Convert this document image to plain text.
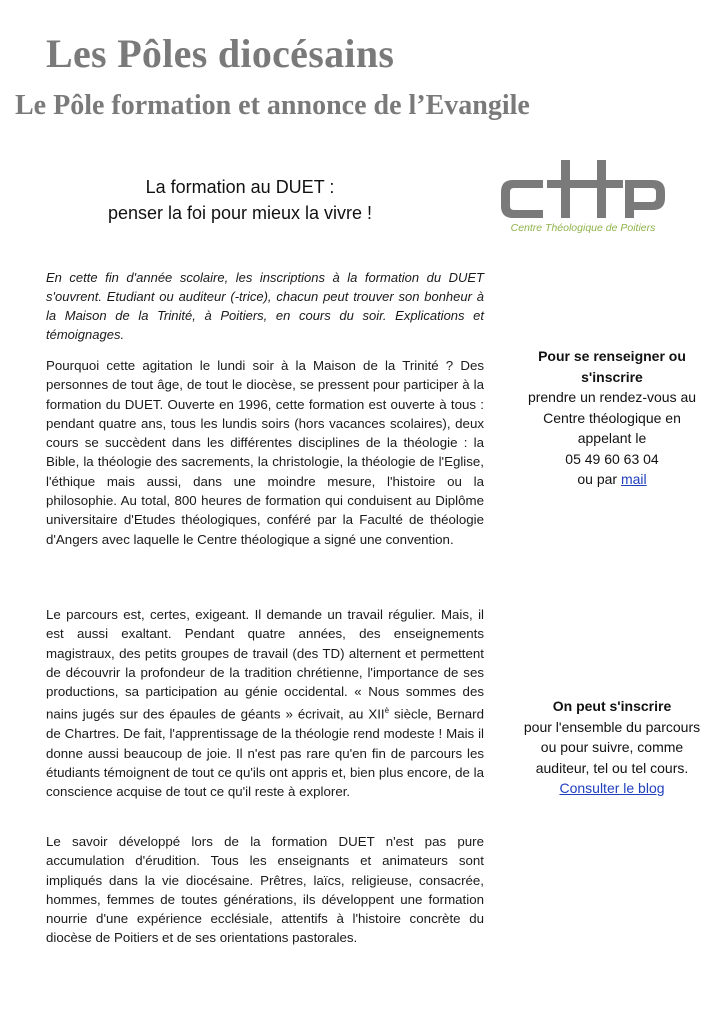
Les Pôles diocésains
Le Pôle formation et annonce de l’Evangile
La formation au DUET :
penser la foi pour mieux la vivre !
Centre Théologique de Poitiers
En cette fin d'année scolaire, les inscriptions à la formation du DUET s'ouvrent. Etudiant ou auditeur (-trice), chacun peut trouver son bonheur à la Maison de la Trinité, à Poitiers, en cours du soir. Explications et témoignages.
Pourquoi cette agitation le lundi soir à la Maison de la Trinité ? Des personnes de tout âge, de tout le diocèse, se pressent pour participer à la formation du DUET. Ouverte en 1996, cette formation est ouverte à tous : pendant quatre ans, tous les lundis soirs (hors vacances scolaires), deux cours se succèdent dans les différentes disciplines de la théologie : la Bible, la théologie des sacrements, la christologie, la théologie de l'Eglise, l'éthique mais aussi, dans une moindre mesure, l'histoire ou la philosophie. Au total, 800 heures de formation qui conduisent au Diplôme universitaire d'Etudes théologiques, conféré par la Faculté de théologie d'Angers avec laquelle le Centre théologique a signé une convention.
Le parcours est, certes, exigeant. Il demande un travail régulier. Mais, il est aussi exaltant. Pendant quatre années, des enseignements magistraux, des petits groupes de travail (des TD) alternent et permettent de découvrir la profondeur de la tradition chrétienne, l'importance de ses productions, sa participation au génie occidental. « Nous sommes des nains jugés sur des épaules de géants » écrivait, au $XII^è$ siècle, Bernard de Chartres. De fait, l'apprentissage de la théologie rend modeste ! Mais il donne aussi beaucoup de joie. Il n'est pas rare qu'en fin de parcours les étudiants témoignent de tout ce qu'ils ont appris et, bien plus encore, de la conscience acquise de tout ce qu'il reste à explorer.
Le savoir développé lors de la formation DUET n'est pas pure accumulation d'érudition. Tous les enseignants et animateurs sont impliqués dans la vie diocésaine. Prêtres, laïcs, religieuse, consacrée, hommes, femmes de toutes générations, ils développent une formation nourrie d'une expérience ecclésiale, attentifs à l'histoire concrète du diocèse de Poitiers et de ses orientations pastorales.
Pour se renseigner ou s'inscrire
prendre un rendez-vous au Centre théologique en appelant le
05 49 60 63 04
ou par mail
On peut s'inscrire
pour l'ensemble du parcours ou pour suivre, comme auditeur, tel ou tel cours.
Consulter le blog
